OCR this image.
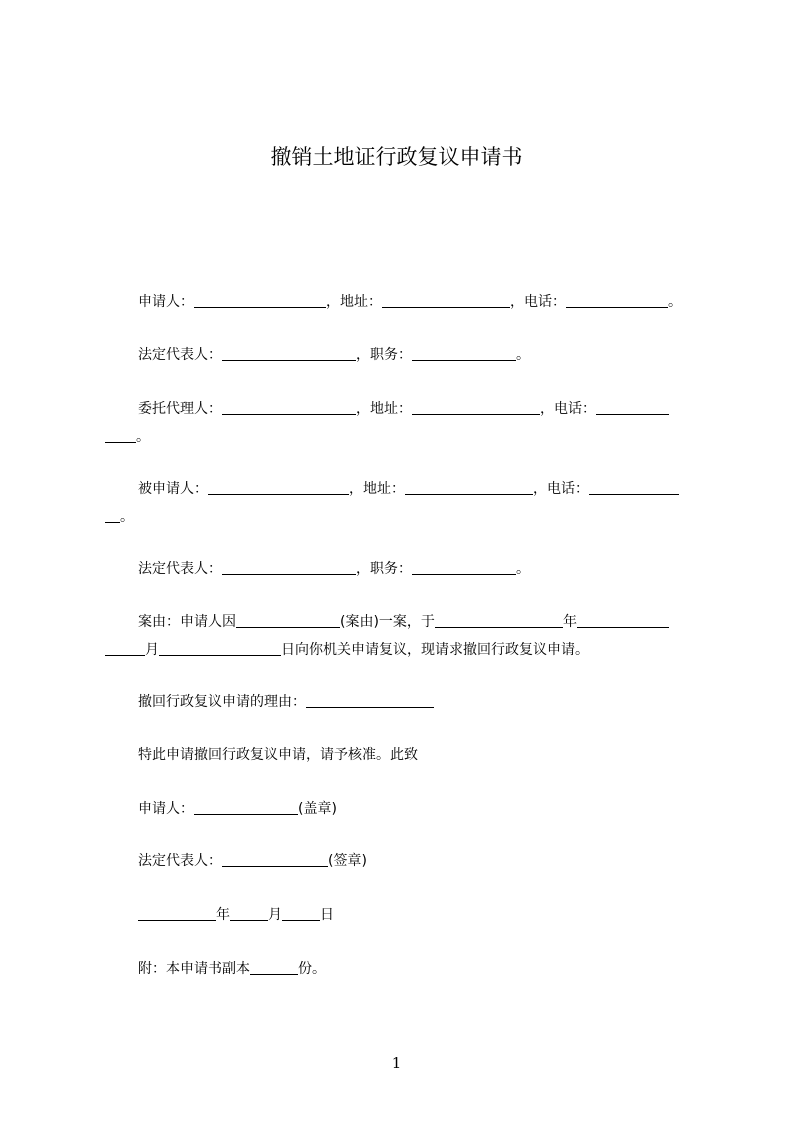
撤销土地证行政复议申请书
申请人：	，地址：	，电话：	。
法定代表人：	，职务：	。
委托代理人：	，地址：	，电话：
。
被申请人：	，地址：	，电话：
。
法定代表人：	，职务：	。
案由：申请人因	(案由)一案，于	年
月	日向你机关申请复议，现请求撤回行政复议申请。
撤回行政复议申请的理由：
特此申请撤回行政复议申请，请予核准。此致
申请人：	(盖章)
法定代表人：	(签章)
年	月	日
附：本申请书副本	份。
1
